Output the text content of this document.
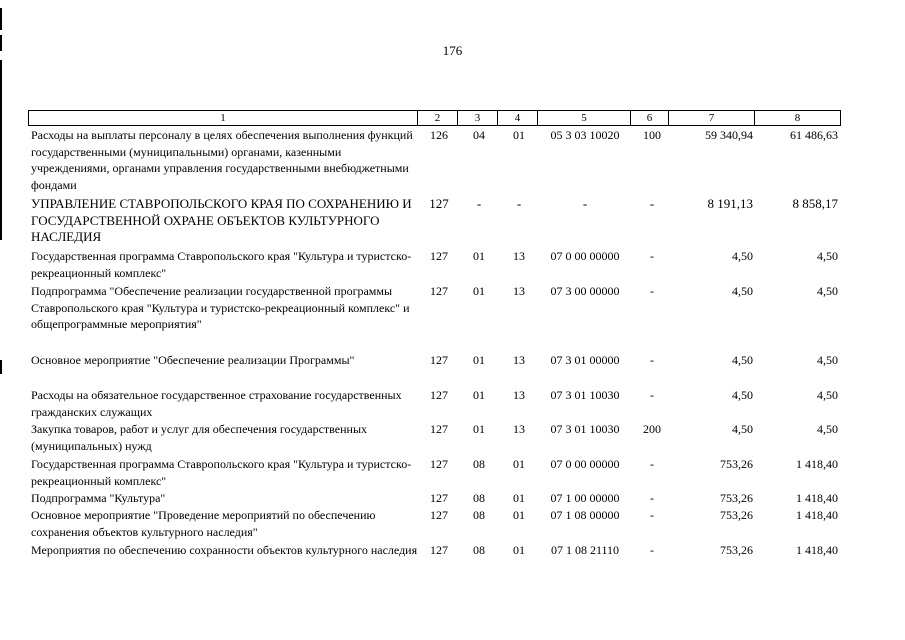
176
1	2	3	4	5	6	7	8
Расходы на выплаты персоналу в целях обеспечения выполнения функций государственными (муниципальными) органами, казенными учреждениями, органами управления государственными внебюджетными фондами
126	04	01	05 3 03 10020	100	59 340,94	61 486,63
УПРАВЛЕНИЕ СТАВРОПОЛЬСКОГО КРАЯ ПО СОХРАНЕНИЮ И ГОСУДАРСТВЕННОЙ ОХРАНЕ ОБЪЕКТОВ КУЛЬТУРНОГО НАСЛЕДИЯ
127	-	-	-	-	8 191,13	8 858,17
Государственная программа Ставропольского края "Культура и туристско-рекреационный комплекс"
127	01	13	07 0 00 00000	-	4,50	4,50
Подпрограмма "Обеспечение реализации государственной программы Ставропольского края "Культура и туристско-рекреационный комплекс" и общепрограммные мероприятия"
127	01	13	07 3 00 00000	-	4,50	4,50
Основное мероприятие "Обеспечение реализации Программы"	127	01	13	07 3 01 00000	-	4,50	4,50
Расходы на обязательное государственное страхование государственных гражданских служащих
127	01	13	07 3 01 10030	-	4,50	4,50
Закупка товаров, работ и услуг для обеспечения государственных (муниципальных) нужд
127	01	13	07 3 01 10030	200	4,50	4,50
Государственная программа Ставропольского края "Культура и туристско-рекреационный комплекс"
127	08	01	07 0 00 00000	-	753,26	1 418,40
Подпрограмма "Культура"	127	08	01	07 1 00 00000	-	753,26	1 418,40
Основное мероприятие "Проведение мероприятий по обеспечению сохранения объектов культурного наследия"
127	08	01	07 1 08 00000	-	753,26	1 418,40
Мероприятия по обеспечению сохранности объектов культурного наследия	127	08	01	07 1 08 21110	-	753,26	1 418,40
